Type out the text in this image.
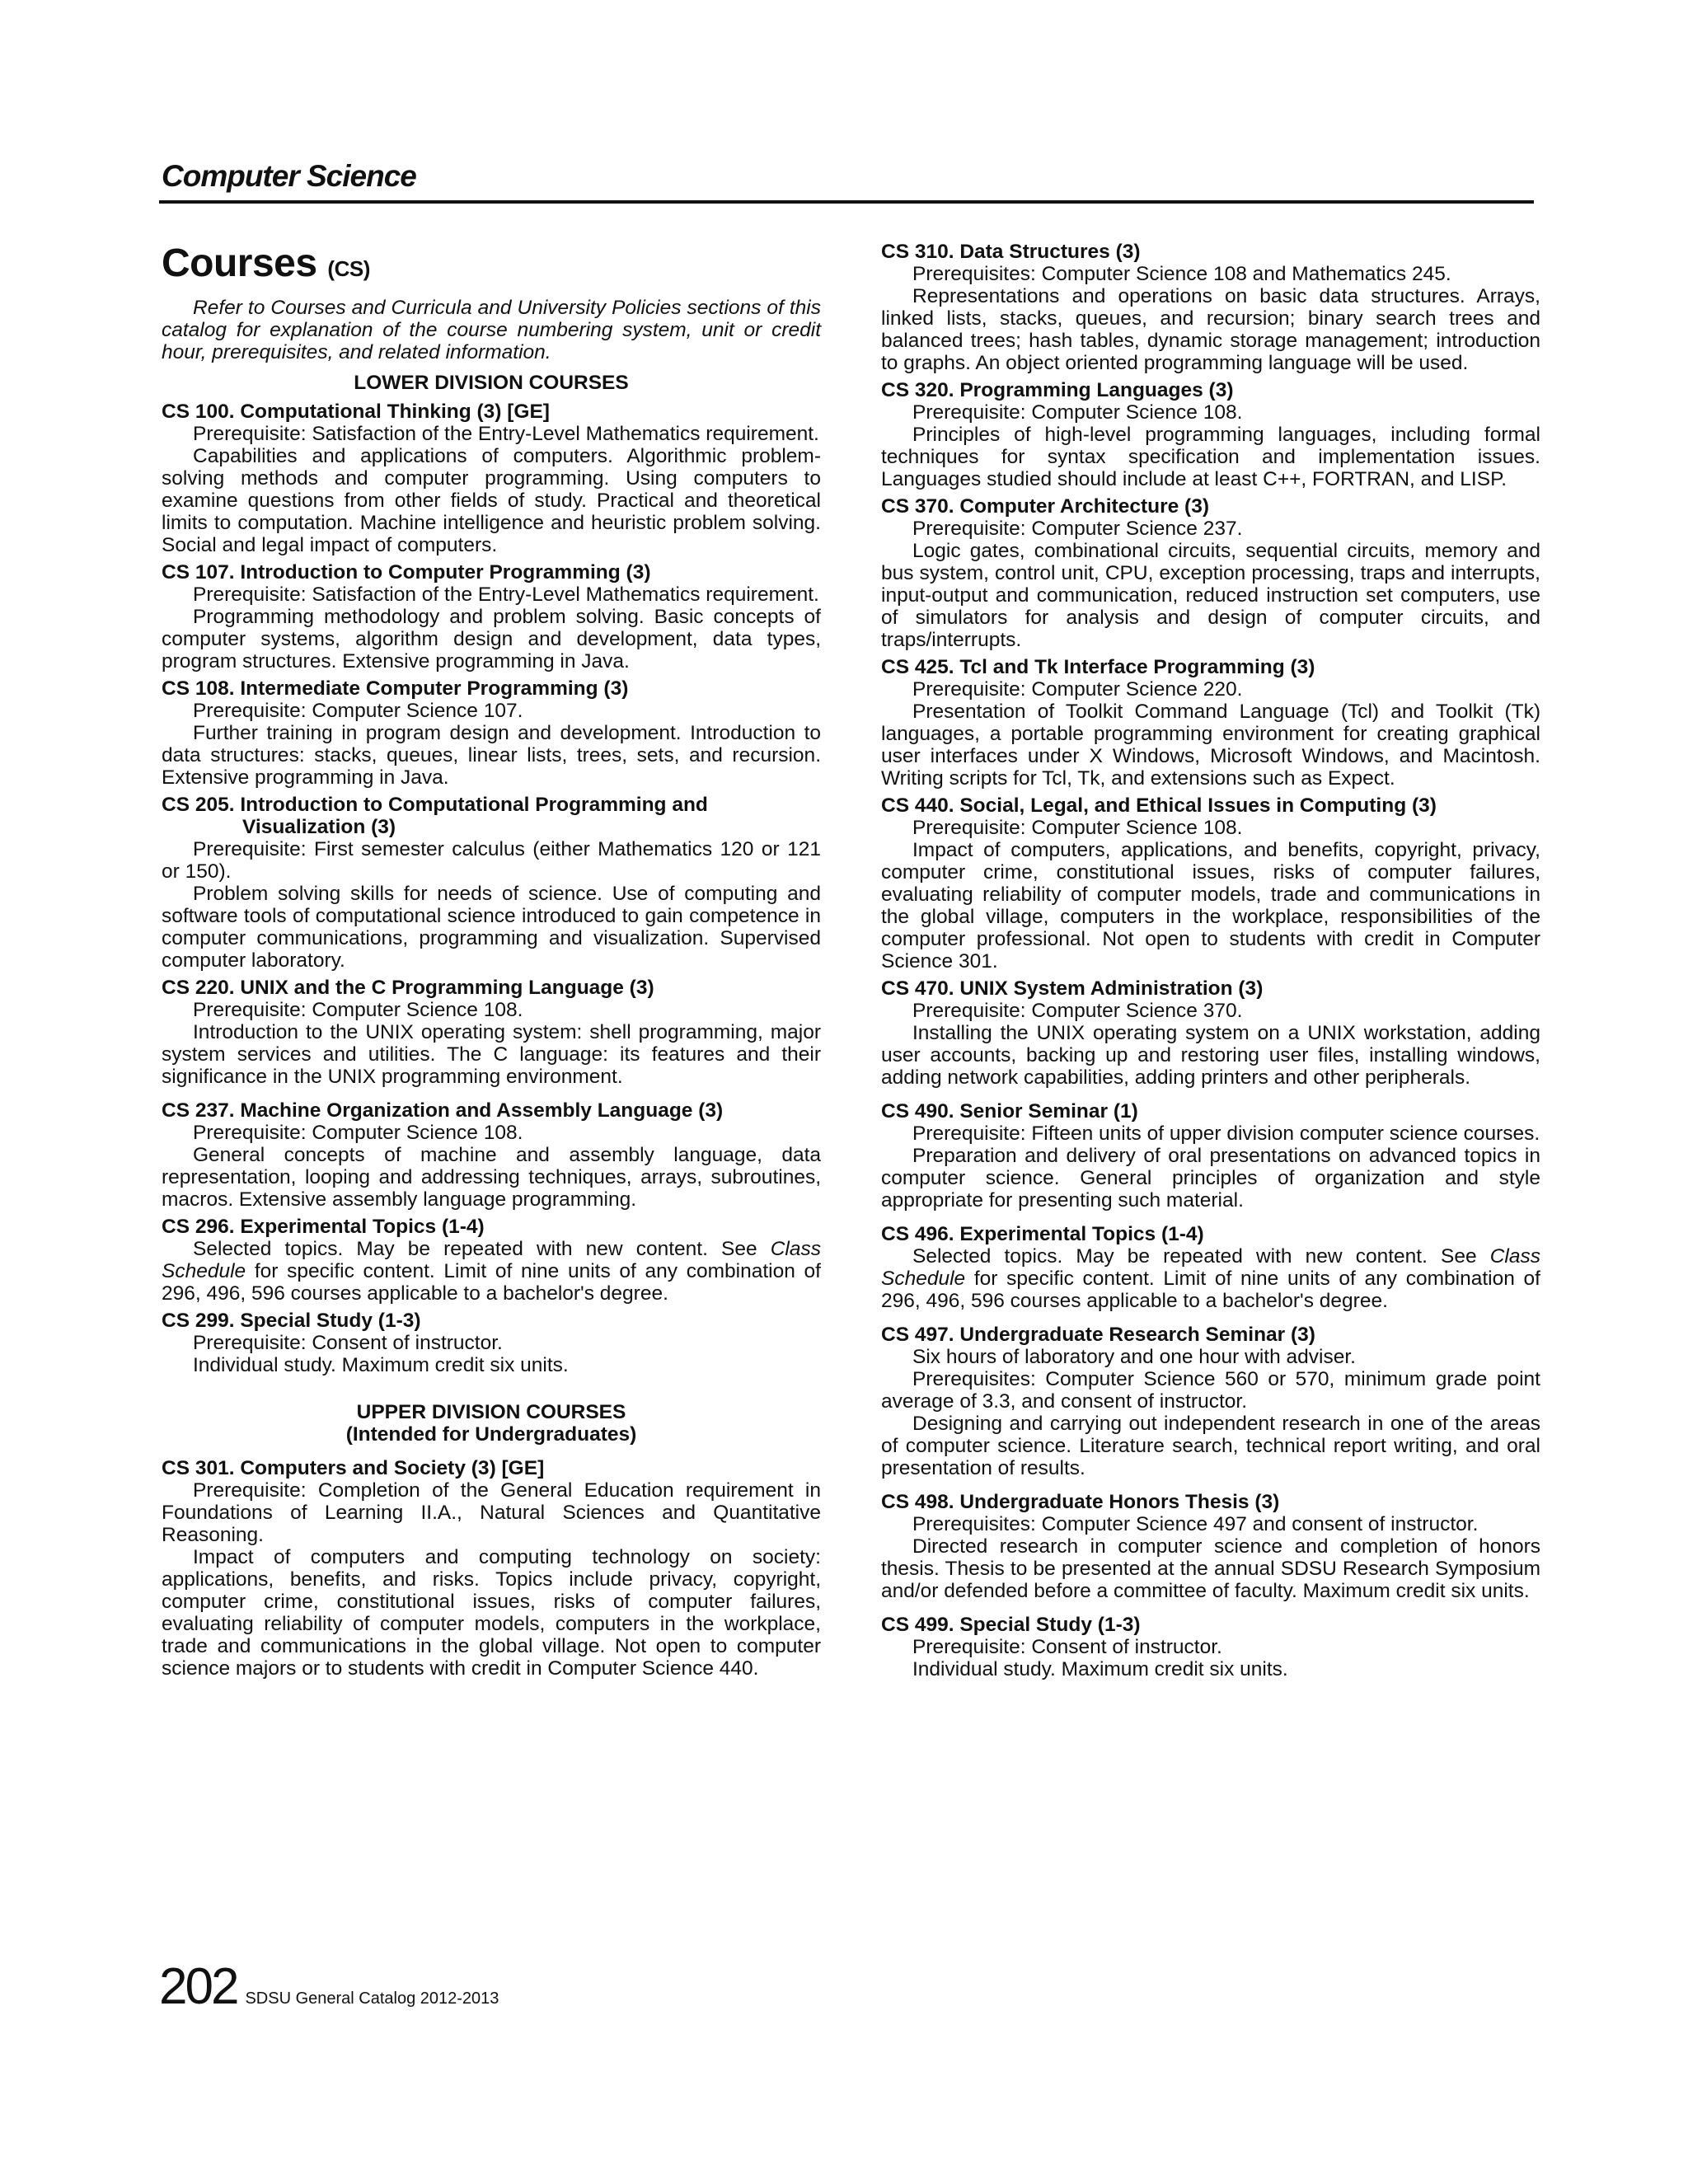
Computer Science
Courses (CS)

Refer to Courses and Curricula and University Policies sections of this catalog for explanation of the course numbering system, unit or credit hour, prerequisites, and related information.

LOWER DIVISION COURSES

CS 100. Computational Thinking (3) [GE]

Prerequisite: Satisfaction of the Entry-Level Mathematics requirement.

Capabilities and applications of computers. Algorithmic problem-solving methods and computer programming. Using computers to examine questions from other fields of study. Practical and theoretical limits to computation. Machine intelligence and heuristic problem solving. Social and legal impact of computers.

CS 107. Introduction to Computer Programming (3)

Prerequisite: Satisfaction of the Entry-Level Mathematics requirement.

Programming methodology and problem solving. Basic concepts of computer systems, algorithm design and development, data types, program structures. Extensive programming in Java.

CS 108. Intermediate Computer Programming (3)

Prerequisite: Computer Science 107.

Further training in program design and development. Introduction to data structures: stacks, queues, linear lists, trees, sets, and recursion. Extensive programming in Java.

CS 205. Introduction to Computational Programming and Visualization (3)

Prerequisite: First semester calculus (either Mathematics 120 or 121 or 150).

Problem solving skills for needs of science. Use of computing and software tools of computational science introduced to gain competence in computer communications, programming and visualization. Supervised computer laboratory.

CS 220. UNIX and the C Programming Language (3)

Prerequisite: Computer Science 108.

Introduction to the UNIX operating system: shell programming, major system services and utilities. The C language: its features and their significance in the UNIX programming environment.

CS 237. Machine Organization and Assembly Language (3)

Prerequisite: Computer Science 108.

General concepts of machine and assembly language, data representation, looping and addressing techniques, arrays, subroutines, macros. Extensive assembly language programming.

CS 296. Experimental Topics (1-4)

Selected topics. May be repeated with new content. See Class Schedule for specific content. Limit of nine units of any combination of 296, 496, 596 courses applicable to a bachelor's degree.

CS 299. Special Study (1-3)

Prerequisite: Consent of instructor.

Individual study. Maximum credit six units.

UPPER DIVISION COURSES
(Intended for Undergraduates)

CS 301. Computers and Society (3) [GE]

Prerequisite: Completion of the General Education requirement in Foundations of Learning II.A., Natural Sciences and Quantitative Reasoning.

Impact of computers and computing technology on society: applications, benefits, and risks. Topics include privacy, copyright, computer crime, constitutional issues, risks of computer failures, evaluating reliability of computer models, computers in the workplace, trade and communications in the global village. Not open to computer science majors or to students with credit in Computer Science 440.

CS 310. Data Structures (3)

Prerequisites: Computer Science 108 and Mathematics 245.

Representations and operations on basic data structures. Arrays, linked lists, stacks, queues, and recursion; binary search trees and balanced trees; hash tables, dynamic storage management; introduction to graphs. An object oriented programming language will be used.

CS 320. Programming Languages (3)

Prerequisite: Computer Science 108.

Principles of high-level programming languages, including formal techniques for syntax specification and implementation issues. Languages studied should include at least C++, FORTRAN, and LISP.

CS 370. Computer Architecture (3)

Prerequisite: Computer Science 237.

Logic gates, combinational circuits, sequential circuits, memory and bus system, control unit, CPU, exception processing, traps and interrupts, input-output and communication, reduced instruction set computers, use of simulators for analysis and design of computer circuits, and traps/interrupts.

CS 425. Tcl and Tk Interface Programming (3)

Prerequisite: Computer Science 220.

Presentation of Toolkit Command Language (Tcl) and Toolkit (Tk) languages, a portable programming environment for creating graphical user interfaces under X Windows, Microsoft Windows, and Macintosh. Writing scripts for Tcl, Tk, and extensions such as Expect.

CS 440. Social, Legal, and Ethical Issues in Computing (3)

Prerequisite: Computer Science 108.

Impact of computers, applications, and benefits, copyright, privacy, computer crime, constitutional issues, risks of computer failures, evaluating reliability of computer models, trade and communications in the global village, computers in the workplace, responsibilities of the computer professional. Not open to students with credit in Computer Science 301.

CS 470. UNIX System Administration (3)

Prerequisite: Computer Science 370.

Installing the UNIX operating system on a UNIX workstation, adding user accounts, backing up and restoring user files, installing windows, adding network capabilities, adding printers and other peripherals.

CS 490. Senior Seminar (1)

Prerequisite: Fifteen units of upper division computer science courses.

Preparation and delivery of oral presentations on advanced topics in computer science. General principles of organization and style appropriate for presenting such material.

CS 496. Experimental Topics (1-4)

Selected topics. May be repeated with new content. See Class Schedule for specific content. Limit of nine units of any combination of 296, 496, 596 courses applicable to a bachelor's degree.

CS 497. Undergraduate Research Seminar (3)

Six hours of laboratory and one hour with adviser.

Prerequisites: Computer Science 560 or 570, minimum grade point average of 3.3, and consent of instructor.

Designing and carrying out independent research in one of the areas of computer science. Literature search, technical report writing, and oral presentation of results.

CS 498. Undergraduate Honors Thesis (3)

Prerequisites: Computer Science 497 and consent of instructor.

Directed research in computer science and completion of honors thesis. Thesis to be presented at the annual SDSU Research Symposium and/or defended before a committee of faculty. Maximum credit six units.

CS 499. Special Study (1-3)

Prerequisite: Consent of instructor.

Individual study. Maximum credit six units.

202 SDSU General Catalog 2012-2013
